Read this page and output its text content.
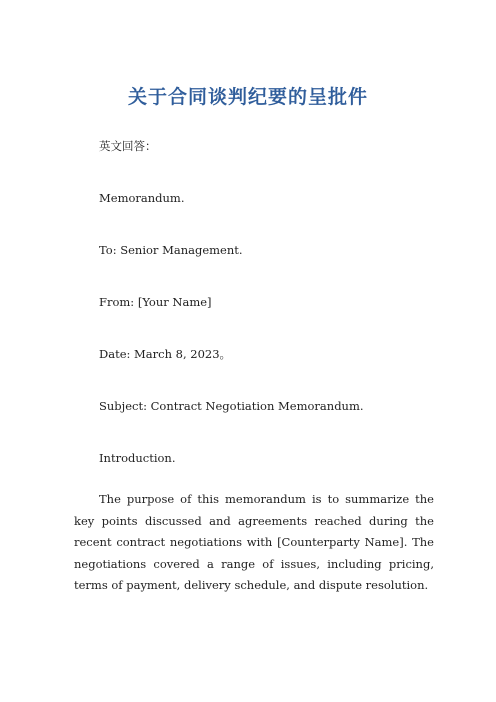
关于合同谈判纪要的呈批件
英文回答：
Memorandum.
To: Senior Management.
From: [Your Name]
Date: March 8, 2023。
Subject: Contract Negotiation Memorandum.
Introduction.
The purpose of this memorandum is to summarize the key points discussed and agreements reached during the recent contract negotiations with [Counterparty Name]. The negotiations covered a range of issues, including pricing, terms of payment, delivery schedule, and dispute resolution.
